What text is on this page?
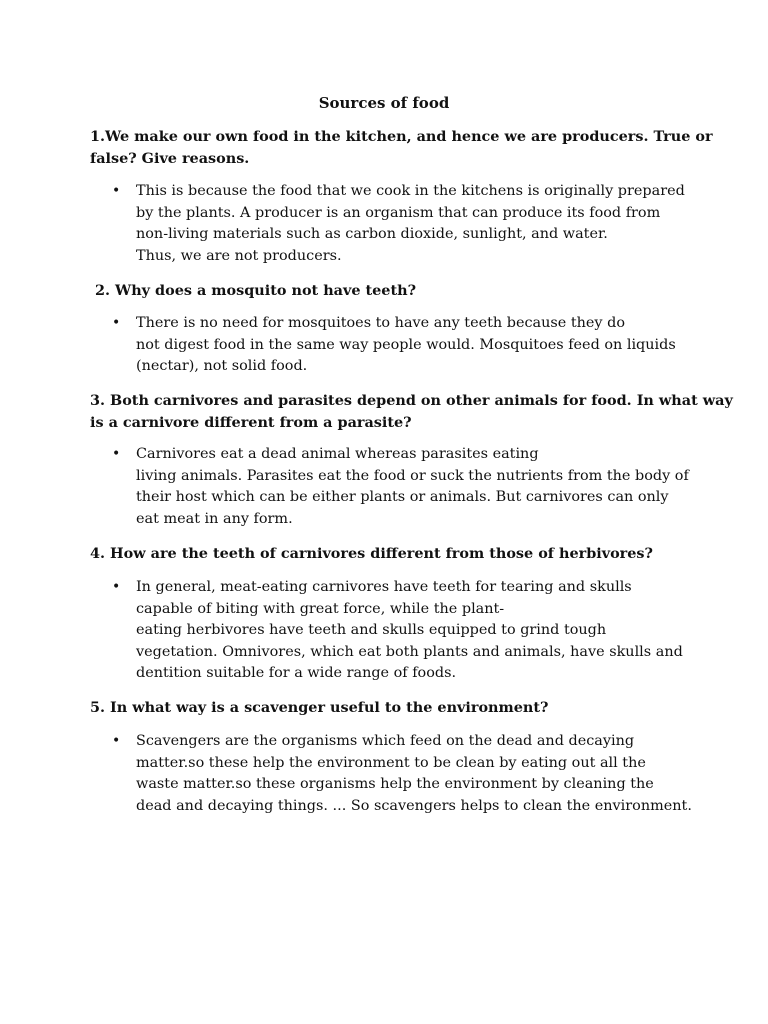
Sources of food
1.We make our own food in the kitchen, and hence we are producers. True or
false? Give reasons.
• This is because the food that we cook in the kitchens is originally prepared
by the plants. A producer is an organism that can produce its food from
non-living materials such as carbon dioxide, sunlight, and water.
Thus, we are not producers.
2. Why does a mosquito not have teeth?
• There is no need for mosquitoes to have any teeth because they do
not digest food in the same way people would. Mosquitoes feed on liquids
(nectar), not solid food.
3. Both carnivores and parasites depend on other animals for food. In what way
is a carnivore different from a parasite?
• Carnivores eat a dead animal whereas parasites eating
living animals. Parasites eat the food or suck the nutrients from the body of
their host which can be either plants or animals. But carnivores can only
eat meat in any form.
4. How are the teeth of carnivores different from those of herbivores?
• In general, meat-eating carnivores have teeth for tearing and skulls
capable of biting with great force, while the plant-
eating herbivores have teeth and skulls equipped to grind tough
vegetation. Omnivores, which eat both plants and animals, have skulls and
dentition suitable for a wide range of foods.
5. In what way is a scavenger useful to the environment?
• Scavengers are the organisms which feed on the dead and decaying
matter.so these help the environment to be clean by eating out all the
waste matter.so these organisms help the environment by cleaning the
dead and decaying things. ... So scavengers helps to clean the environment.
